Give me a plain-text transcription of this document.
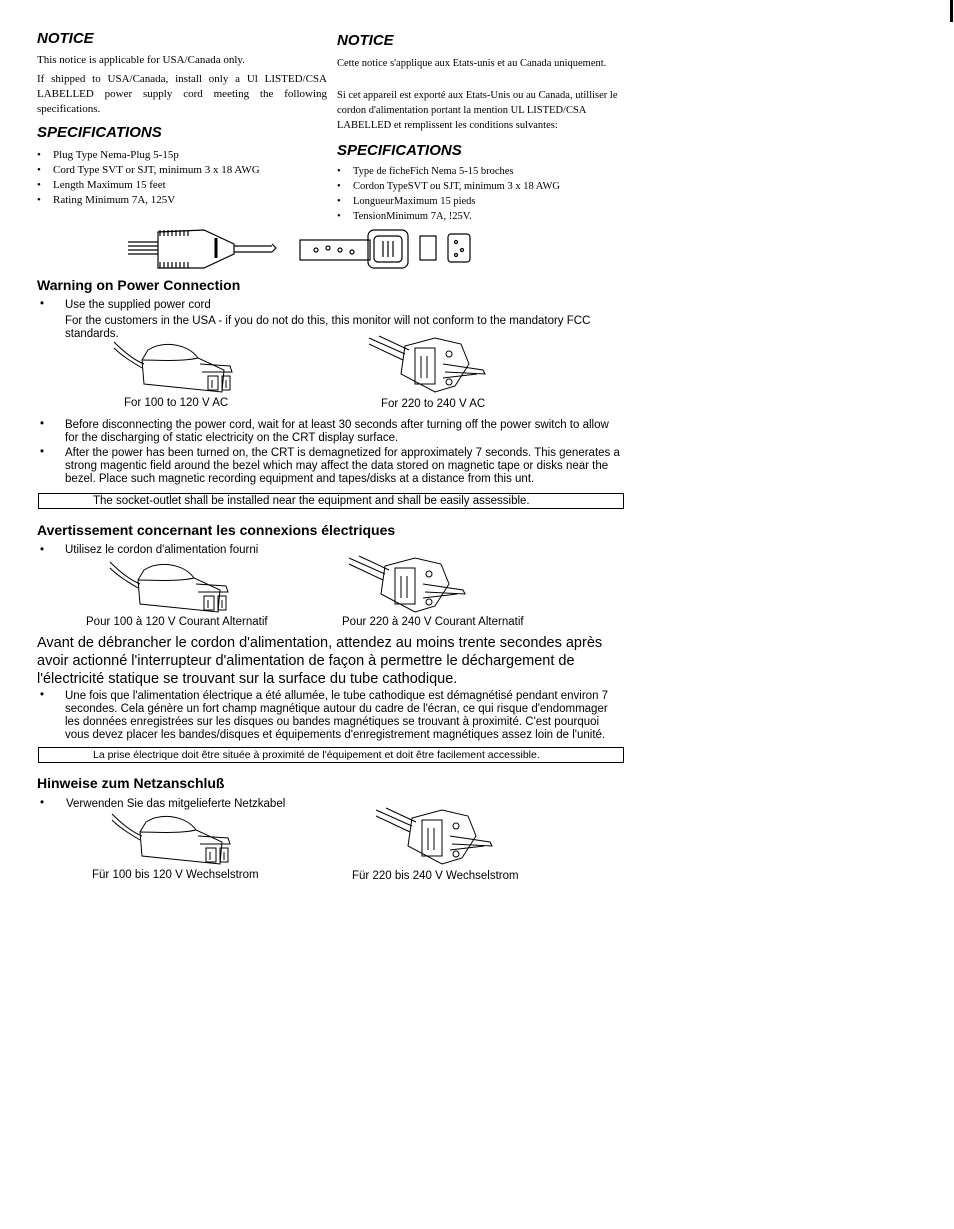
NOTICE
This notice is applicable for USA/Canada only.
If shipped to USA/Canada, install only a Ul LISTED/CSA LABELLED power supply cord meeting the following specifications.
SPECIFICATIONS
• Plug Type Nema-Plug 5-15p
• Cord Type SVT or SJT, minimum 3 x 18 AWG
• Length Maximum 15 feet
• Rating Minimum 7A, 125V
NOTICE
Cette notice s'applique aux Etats-unis et au Canada uniquement.
Si cet appareil est exporté aux Etats-Unis ou au Canada, utilliser le cordon d'alimentation portant la mention UL LISTED/CSA LABELLED et remplissent les conditions sulvantes:
SPECIFICATIONS
• Type de ficheFich Nema 5-15 broches
• Cordon TypeSVT ou SJT, minimum 3 x 18 AWG
• LongueurMaximum 15 pieds
• TensionMinimum 7A, !25V.
Warning on Power Connection
• Use the supplied power cord
For the customers in the USA - if you do not do this, this monitor will not conform to the mandatory FCC standards.
For 100 to 120 V AC	For 220 to 240 V AC
• Before disconnecting the power cord, wait for at least 30 seconds after turning off the power switch to allow for the discharging of static electricity on the CRT display surface.
• After the power has been turned on, the CRT is demagnetized for approximately 7 seconds. This generates a strong magentic field around the bezel which may affect the data stored on magnetic tape or disks near the bezel. Place such magnetic recording equipment and tapes/disks at a distance from this unt.
The socket-outlet shall be installed near the equipment and shall be easily assessible.
Avertissement concernant les connexions électriques
• Utilisez le cordon d'alimentation fourni
Pour 100 à 120 V Courant Alternatif	Pour 220 à 240 V Courant Alternatif
Avant de débrancher le cordon d'alimentation, attendez au moins trente secondes après avoir actionné l'interrupteur d'alimentation de façon à permettre le déchargement de l'électricité statique se trouvant sur la surface du tube cathodique.
• Une fois que l'alimentation électrique a été allumée, le tube cathodique est démagnétisé pendant environ 7 secondes. Cela génère un fort champ magnétique autour du cadre de l'écran, ce qui risque d'endommager les données enregistrées sur les disques ou bandes magnétiques se trouvant à proximité. C'est pourquoi vous devez placer les bandes/disques et équipements d'enregistrement magnétiques assez loin de l'unité.
La prise électrique doit être située à proximité de l'équipement et doit être facilement accessible.
Hinweise zum Netzanschluß
• Verwenden Sie das mitgelieferte Netzkabel
Für 100 bis 120 V Wechselstrom	Für 220 bis 240 V Wechselstrom
